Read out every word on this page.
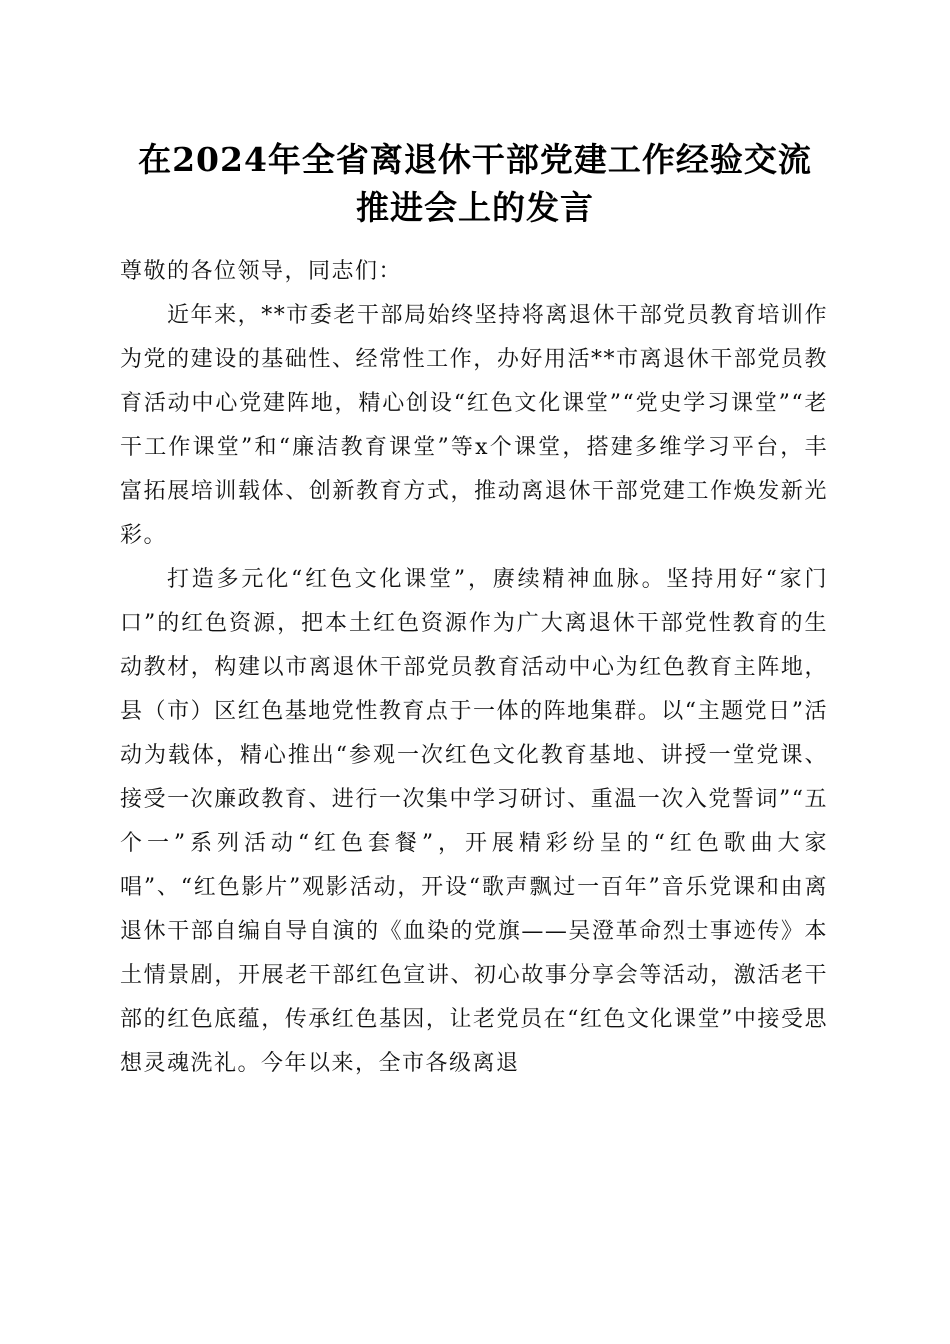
在2024年全省离退休干部党建工作经验交流
推进会上的发言

尊敬的各位领导，同志们：

近年来，**市委老干部局始终坚持将离退休干部党员教育培训作为党的建设的基础性、经常性工作，办好用活**市离退休干部党员教育活动中心党建阵地，精心创设“红色文化课堂”“党史学习课堂”“老干工作课堂”和“廉洁教育课堂”等x个课堂，搭建多维学习平台，丰富拓展培训载体、创新教育方式，推动离退休干部党建工作焕发新光彩。

打造多元化“红色文化课堂”，赓续精神血脉。坚持用好“家门口”的红色资源，把本土红色资源作为广大离退休干部党性教育的生动教材，构建以市离退休干部党员教育活动中心为红色教育主阵地，县（市）区红色基地党性教育点于一体的阵地集群。以“主题党日”活动为载体，精心推出“参观一次红色文化教育基地、讲授一堂党课、接受一次廉政教育、进行一次集中学习研讨、重温一次入党誓词”“五个一”系列活动“红色套餐”，开展精彩纷呈的“红色歌曲大家唱”、“红色影片”观影活动，开设“歌声飘过一百年”音乐党课和由离退休干部自编自导自演的《血染的党旗——吴澄革命烈士事迹传》本土情景剧，开展老干部红色宣讲、初心故事分享会等活动，激活老干部的红色底蕴，传承红色基因，让老党员在“红色文化课堂”中接受思想灵魂洗礼。今年以来，全市各级离退
